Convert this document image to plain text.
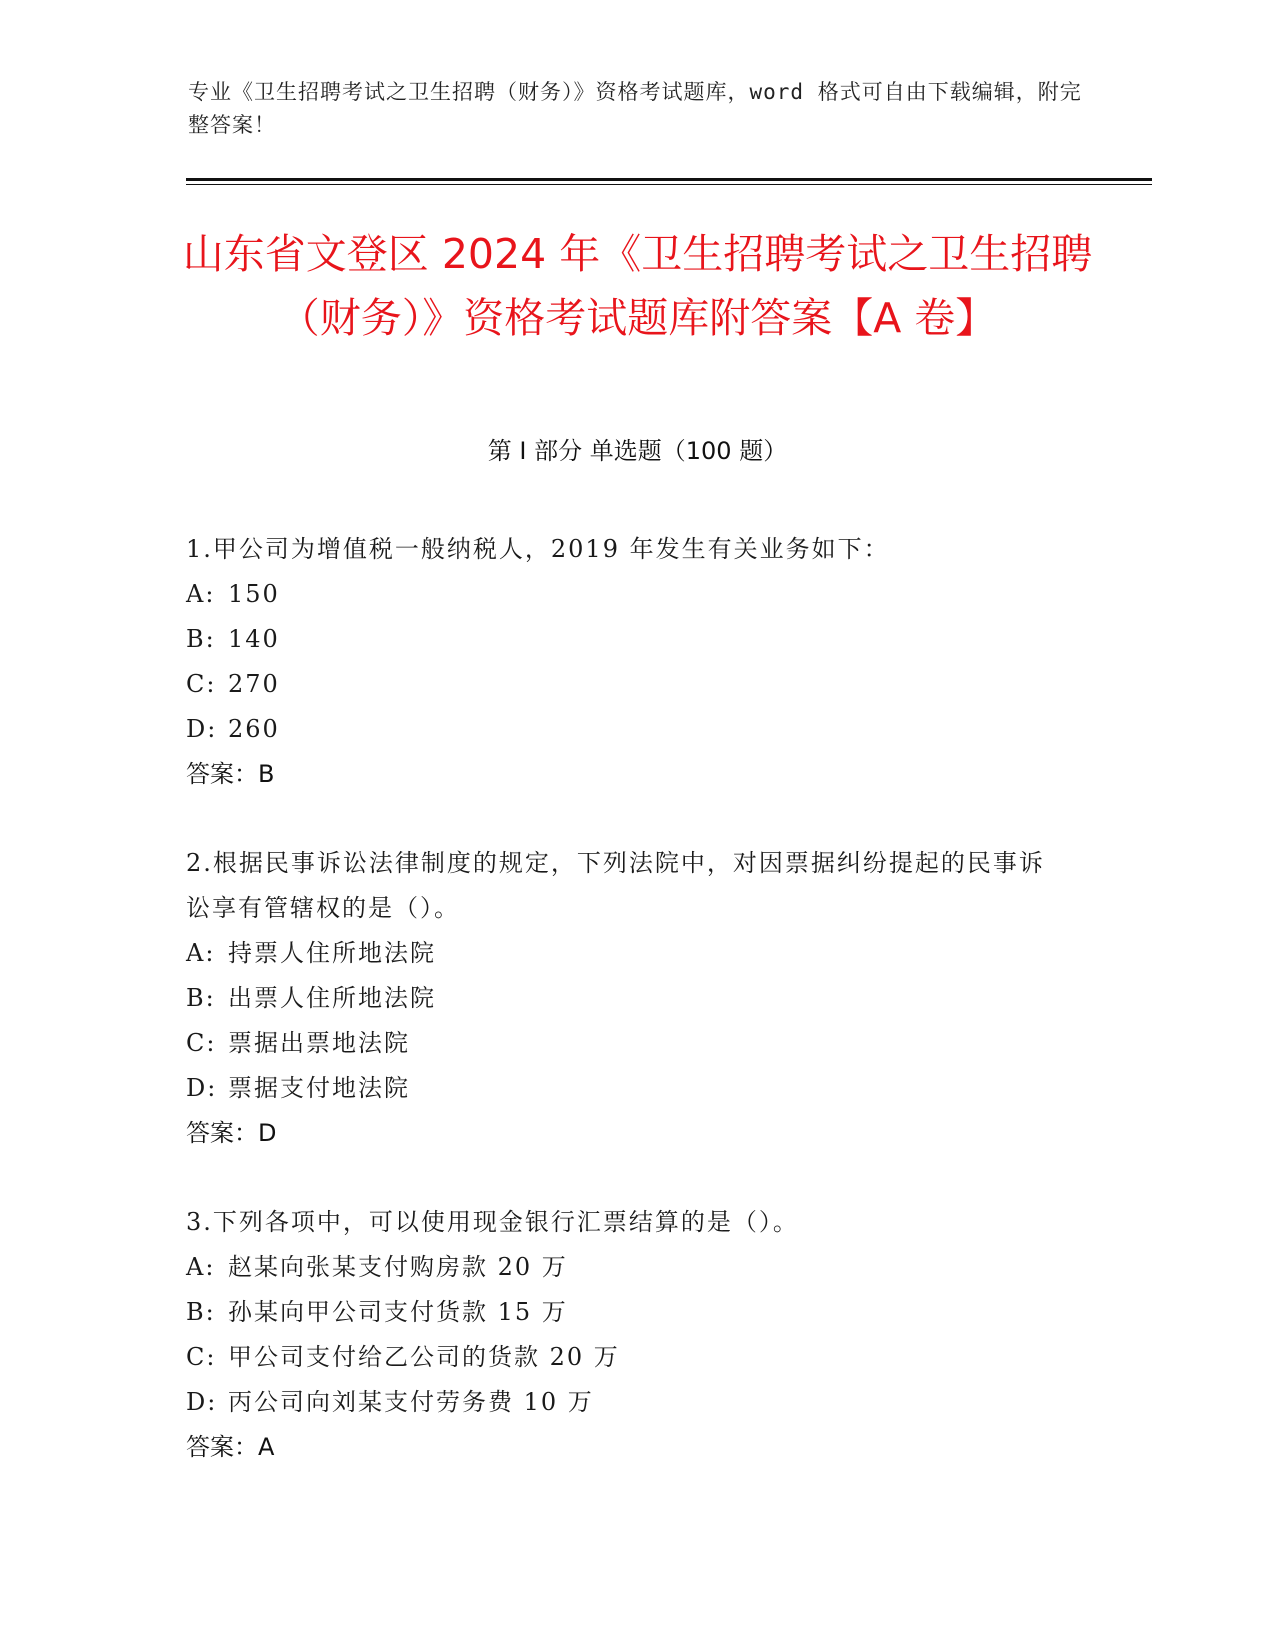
专业《卫生招聘考试之卫生招聘（财务）》资格考试题库，word 格式可自由下载编辑，附完整答案！
山东省文登区 2024 年《卫生招聘考试之卫生招聘（财务）》资格考试题库附答案【A 卷】
第 I 部分 单选题（100 题）
1.甲公司为增值税一般纳税人，2019 年发生有关业务如下：
A: 150
B: 140
C: 270
D: 260
答案：B
2.根据民事诉讼法律制度的规定，下列法院中，对因票据纠纷提起的民事诉讼享有管辖权的是（）。
A: 持票人住所地法院
B: 出票人住所地法院
C: 票据出票地法院
D: 票据支付地法院
答案：D
3.下列各项中，可以使用现金银行汇票结算的是（）。
A: 赵某向张某支付购房款 20 万
B: 孙某向甲公司支付货款 15 万
C: 甲公司支付给乙公司的货款 20 万
D: 丙公司向刘某支付劳务费 10 万
答案：A
